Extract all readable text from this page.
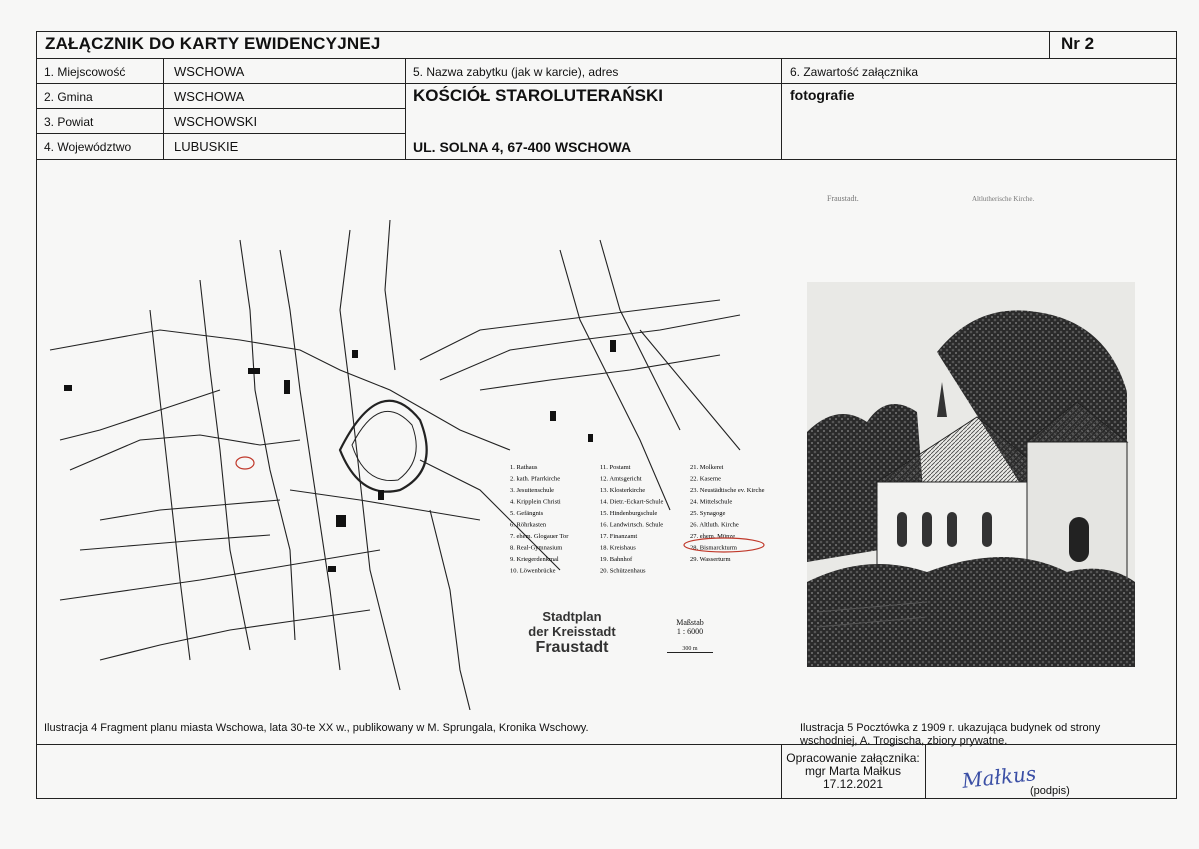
ZAŁĄCZNIK DO KARTY EWIDENCYJNEJ	Nr 2
1. Miejscowość	WSCHOWA
2. Gmina	WSCHOWA
3. Powiat	WSCHOWSKI
4. Województwo	LUBUSKIE
5. Nazwa zabytku (jak w karcie), adres
KOŚCIÓŁ STAROLUTERAŃSKI
UL. SOLNA 4, 67-400 WSCHOWA
6. Zawartość załącznika
fotografie
1. Rathaus
2. kath. Pfarrkirche
3. Jesuitenschule
4. Kripplein Christi
5. Gefängnis
6. Röhrkasten
7. ehem. Glogauer Tor
8. Real-Gymnasium
9. Kriegerdenkmal
10. Löwenbrücke
11. Postamt
12. Amtsgericht
13. Klosterkirche
14. Dietr.-Eckart-Schule
15. Hindenburgschule
16. Landwirtsch. Schule
17. Finanzamt
18. Kreishaus
19. Bahnhof
20. Schützenhaus
21. Molkerei
22. Kaserne
23. Neustädtische ev. Kirche
24. Mittelschule
25. Synagoge
26. Altluth. Kirche
27. ehem. Münze
28. Bismarckturm
29. Wasserturm
Stadtplan
der Kreisstadt
Fraustadt
Maßstab
1 : 6000
300 m
Fraustadt.	Altlutherische Kirche.
Ilustracja 4 Fragment planu miasta Wschowa, lata 30-te XX w., publikowany w M. Sprungala, Kronika Wschowy.	Ilustracja 5 Pocztówka z 1909 r. ukazująca budynek od strony
wschodniej, A. Trogischa, zbiory prywatne.
Opracowanie załącznika:
mgr Marta Małkus
17.12.2021	Małkus
(podpis)
